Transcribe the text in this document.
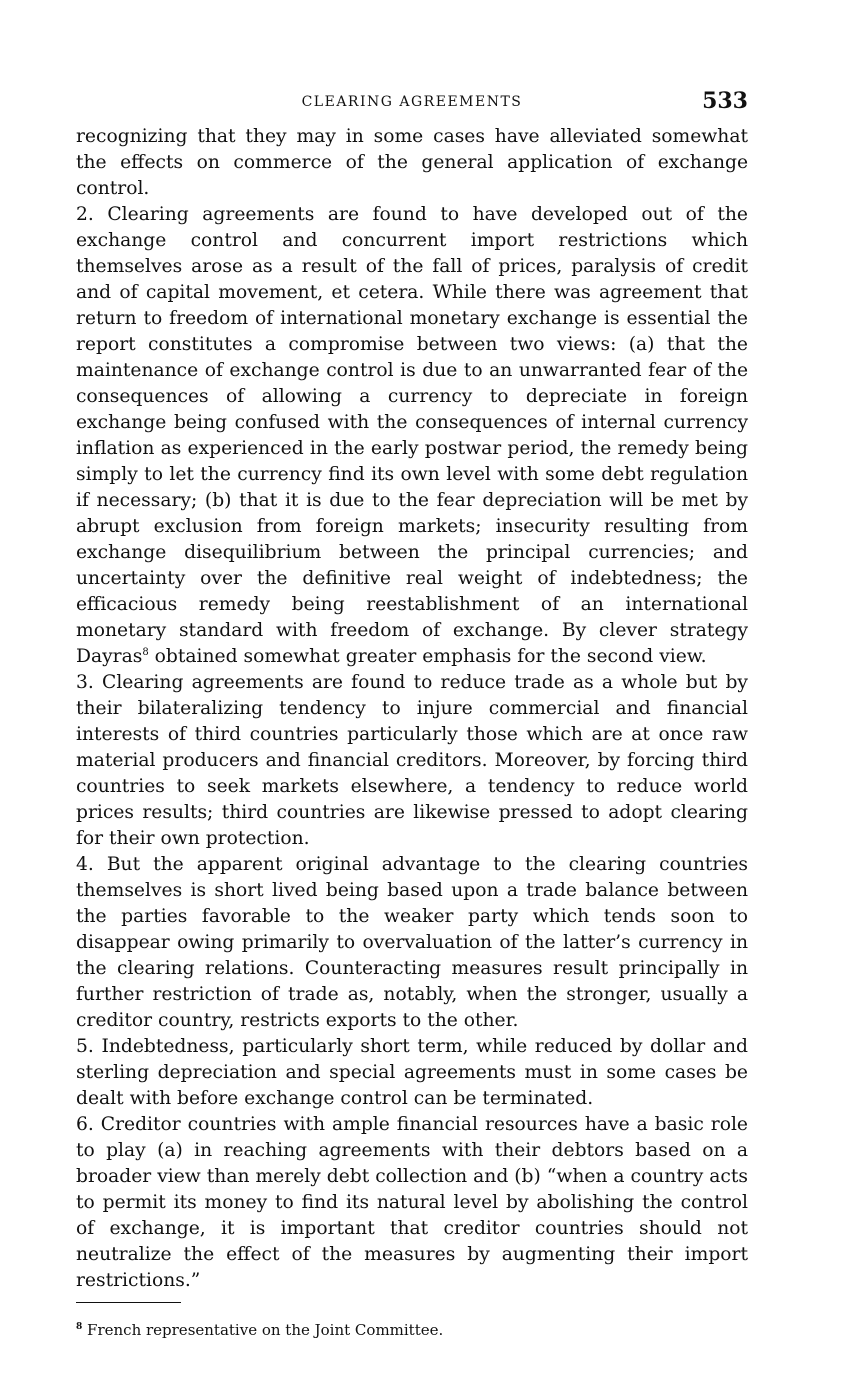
CLEARING AGREEMENTS	533

recognizing that they may in some cases have alleviated somewhat the effects on commerce of the general application of exchange control.

2. Clearing agreements are found to have developed out of the exchange control and concurrent import restrictions which themselves arose as a result of the fall of prices, paralysis of credit and of capital movement, et cetera. While there was agreement that return to freedom of international monetary exchange is essential the report constitutes a compromise between two views: (a) that the maintenance of exchange control is due to an unwarranted fear of the consequences of allowing a currency to depreciate in foreign exchange being confused with the consequences of internal currency inflation as experienced in the early postwar period, the remedy being simply to let the currency find its own level with some debt regulation if necessary; (b) that it is due to the fear depreciation will be met by abrupt exclusion from foreign markets; insecurity resulting from exchange disequilibrium between the principal currencies; and uncertainty over the definitive real weight of indebtedness; the efficacious remedy being reestablishment of an international monetary standard with freedom of exchange. By clever strategy Dayras$^8$ obtained somewhat greater emphasis for the second view.

3. Clearing agreements are found to reduce trade as a whole but by their bilateralizing tendency to injure commercial and financial interests of third countries particularly those which are at once raw material producers and financial creditors. Moreover, by forcing third countries to seek markets elsewhere, a tendency to reduce world prices results; third countries are likewise pressed to adopt clearing for their own protection.

4. But the apparent original advantage to the clearing countries themselves is short lived being based upon a trade balance between the parties favorable to the weaker party which tends soon to disappear owing primarily to overvaluation of the latter’s currency in the clearing relations. Counteracting measures result principally in further restriction of trade as, notably, when the stronger, usually a creditor country, restricts exports to the other.

5. Indebtedness, particularly short term, while reduced by dollar and sterling depreciation and special agreements must in some cases be dealt with before exchange control can be terminated.

6. Creditor countries with ample financial resources have a basic role to play (a) in reaching agreements with their debtors based on a broader view than merely debt collection and (b) “when a country acts to permit its money to find its natural level by abolishing the control of exchange, it is important that creditor countries should not neutralize the effect of the measures by augmenting their import restrictions.”

$^8$ French representative on the Joint Committee.
